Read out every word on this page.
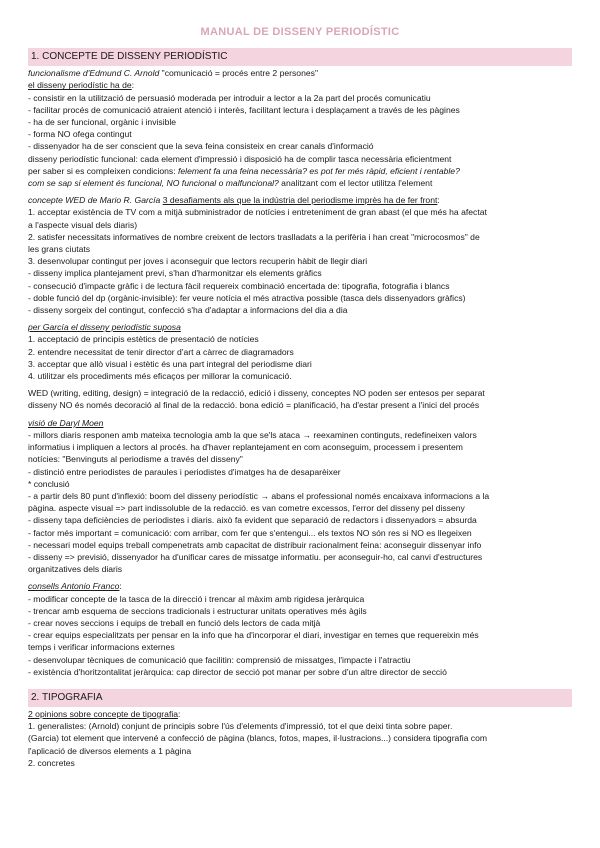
MANUAL DE DISSENY PERIODÍSTIC
1. CONCEPTE DE DISSENY PERIODÍSTIC
funcionalisme d'Edmund C. Arnold "comunicació = procés entre 2 persones"
el disseny periodístic ha de:
- consistir en la utilització de persuasió moderada per introduir a lector a la 2a part del procés comunicatiu
- facilitar procés de comunicació atraient atenció i interès, facilitant lectura i desplaçament a través de les pàgines
- ha de ser funcional, orgànic i invisible
- forma NO ofega contingut
- dissenyador ha de ser conscient que la seva feina consisteix en crear canals d'informació
disseny periodístic funcional: cada element d'impressió i disposició ha de complir tasca necessària eficientment
per saber si es compleixen condicions: felement fa una feina necessària? es pot fer més ràpid, eficient i rentable?
com se sap si element és funcional, NO funcional o malfuncional? analitzant com el lector utilitza l'element
concepte WED de Mario R. García 3 desafiaments als que la indústria del periodisme imprès ha de fer front:
1. acceptar existència de TV com a mitjà subministrador de notícies i entreteniment de gran abast (el que més ha afectat
a l'aspecte visual dels diaris)
2. satisfer necessitats informatives de nombre creixent de lectors traslladats a la perifèria i han creat "microcosmos" de
les grans ciutats
3. desenvolupar contingut per joves i aconseguir que lectors recuperin hàbit de llegir diari
- disseny implica plantejament previ, s'han d'harmonitzar els elements gràfics
- consecució d'impacte gràfic i de lectura fàcil requereix combinació encertada de: tipografia, fotografia i blancs
- doble funció del dp (orgànic-invisible): fer veure notícia el més atractiva possible (tasca dels dissenyadors gràfics)
- disseny sorgeix del contingut, confecció s'ha d'adaptar a informacions del dia a dia
per García el disseny periodístic suposa
1. acceptació de principis estètics de presentació de notícies
2. entendre necessitat de tenir director d'art a càrrec de diagramadors
3. acceptar que allò visual i estètic és una part integral del periodisme diari
4. utilitzar els procediments més eficaços per millorar la comunicació.
WED (writing, editing, design) = integració de la redacció, edició i disseny, conceptes NO poden ser entesos per separat
disseny NO és només decoració al final de la redacció. bona edició = planificació, ha d'estar present a l'inici del procés
visió de Daryl Moen
- millors diaris responen amb mateixa tecnologia amb la que se'ls ataca → reexaminen continguts, redefineixen valors
informatius i impliquen a lectors al procés. ha d'haver replantejament en com aconseguim, processem i presentem
notícies: "Benvinguts al periodisme a través del disseny"
- distinció entre periodistes de paraules i periodistes d'imatges ha de desaparèixer
* conclusió
- a partir dels 80 punt d'inflexió: boom del disseny periodístic → abans el professional només encaixava informacions a la
pàgina. aspecte visual => part indissoluble de la redacció. es van cometre excessos, l'error del disseny pel disseny
- disseny tapa deficiències de periodistes i diaris. això fa evident que separació de redactors i dissenyadors = absurda
- factor més important = comunicació: com arribar, com fer que s'entengui... els textos NO són res si NO es llegeixen
- necessari model equips treball compenetrats amb capacitat de distribuir racionalment feina: aconseguir dissenyar info
- disseny => previsió, dissenyador ha d'unificar cares de missatge informatiu. per aconseguir-ho, cal canvi d'estructures
organitzatives dels diaris
consells Antonio Franco:
- modificar concepte de la tasca de la direcció i trencar al màxim amb rigidesa jeràrquica
- trencar amb esquema de seccions tradicionals i estructurar unitats operatives més àgils
- crear noves seccions i equips de treball en funció dels lectors de cada mitjà
- crear equips especialitzats per pensar en la info que ha d'incorporar el diari, investigar en temes que requereixin més
temps i verificar informacions externes
- desenvolupar tècniques de comunicació que facilitin: comprensió de missatges, l'impacte i l'atractiu
- existència d'horitzontalitat jeràrquica: cap director de secció pot manar per sobre d'un altre director de secció
2. TIPOGRAFIA
2 opinions sobre concepte de tipografia:
1. generalistes: (Arnold) conjunt de principis sobre l'ús d'elements d'impressió, tot el que deixi tinta sobre paper.
(Garcia) tot element que intervené a confecció de pàgina (blancs, fotos, mapes, il·lustracions...) considera tipografia com
l'aplicació de diversos elements a 1 pàgina
2. concretes
